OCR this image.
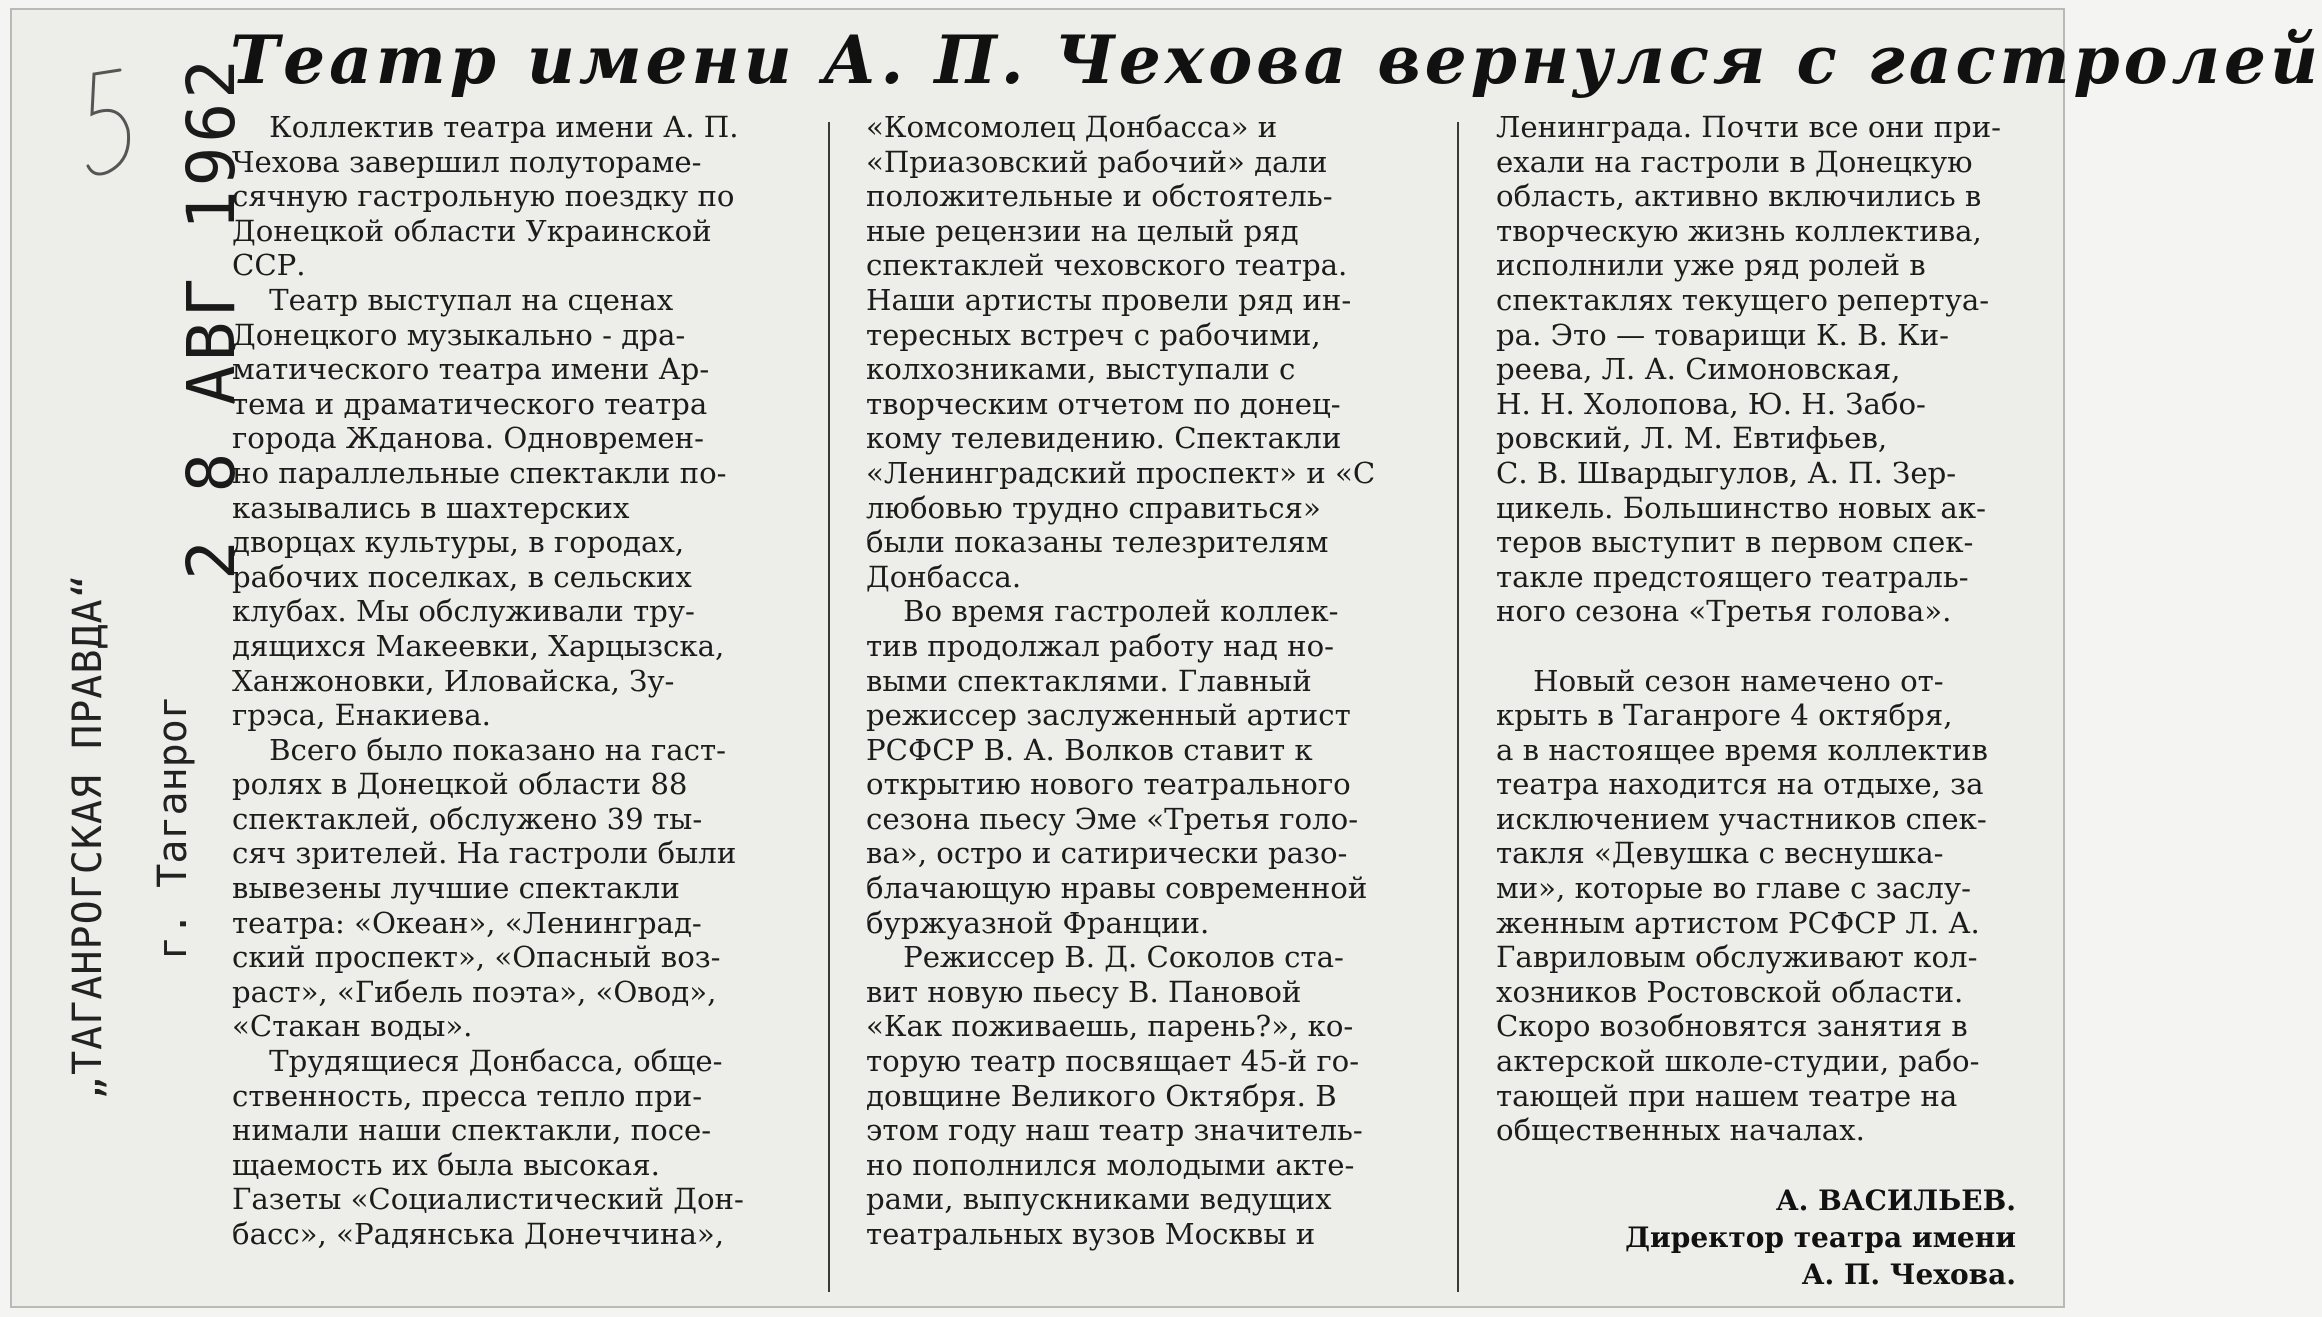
Театр имени А. П. Чехова вернулся с гастролей
„ТАГАНРОГСКАЯ ПРАВДА“ г. Таганрог
2 8 АВГ 1962
Коллектив театра имени А. П.
Чехова завершил полуторамe-
сячную гастрольную поездку по
Донецкой области Украинской
ССР.
Театр выступал на сценах
Донецкого музыкально - дра-
матического театра имени Ар-
тема и драматического театра
города Жданова. Одновремен-
но параллельные спектакли по-
казывались в шахтерских
дворцах культуры, в городах,
рабочих поселках, в сельских
клубах. Мы обслуживали тру-
дящихся Макеевки, Харцызска,
Ханжоновки, Иловайска, Зу-
грэса, Енакиева.
Всего было показано на гаст-
ролях в Донецкой области 88
спектаклей, обслужено 39 ты-
сяч зрителей. На гастроли были
вывезены лучшие спектакли
театра: «Океан», «Ленинград-
ский проспект», «Опасный воз-
раст», «Гибель поэта», «Овод»,
«Стакан воды».
Трудящиеся Донбасса, обще-
ственность, пресса тепло при-
нимали наши спектакли, посе-
щаемость их была высокая.
Газеты «Социалистический Дон-
басс», «Радянська Донеччина»,
«Комсомолец Донбасса» и
«Приазовский рабочий» дали
положительные и обстоятель-
ные рецензии на целый ряд
спектаклей чеховского театра.
Наши артисты провели ряд ин-
тересных встреч с рабочими,
колхозниками, выступали с
творческим отчетом по донец-
кому телевидению. Спектакли
«Ленинградский проспект» и «С
любовью трудно справиться»
были показаны телезрителям
Донбасса.
Во время гастролей коллек-
тив продолжал работу над но-
выми спектаклями. Главный
режиссер заслуженный артист
РСФСР В. А. Волков ставит к
открытию нового театрального
сезона пьесу Эме «Третья голо-
ва», остро и сатирически разо-
блачающую нравы современной
буржуазной Франции.
Режиссер В. Д. Соколов ста-
вит новую пьесу В. Пановой
«Как поживаешь, парень?», ко-
торую театр посвящает 45-й го-
довщине Великого Октября. В
этом году наш театр значитель-
но пополнился молодыми акте-
рами, выпускниками ведущих
театральных вузов Москвы и
Ленинграда. Почти все они при-
ехали на гастроли в Донецкую
область, активно включились в
творческую жизнь коллектива,
исполнили уже ряд ролей в
спектаклях текущего репертуа-
ра. Это — товарищи К. В. Ки-
реева, Л. А. Симоновская,
Н. Н. Холопова, Ю. Н. Забо-
ровский, Л. М. Евтифьев,
С. В. Швардыгулов, А. П. Зер-
цикель. Большинство новых ак-
теров выступит в первом спек-
такле предстоящего театраль-
ного сезона «Третья голова».

Новый сезон намечено от-
крыть в Таганроге 4 октября,
а в настоящее время коллектив
театра находится на отдыхе, за
исключением участников спек-
такля «Девушка с веснушка-
ми», которые во главе с заслу-
женным артистом РСФСР Л. А.
Гавриловым обслуживают кол-
хозников Ростовской области.
Скоро возобновятся занятия в
актерской школе-студии, рабо-
тающей при нашем театре на
общественных началах.
А. ВАСИЛЬЕВ.
Директор театра имени
А. П. Чехова.
